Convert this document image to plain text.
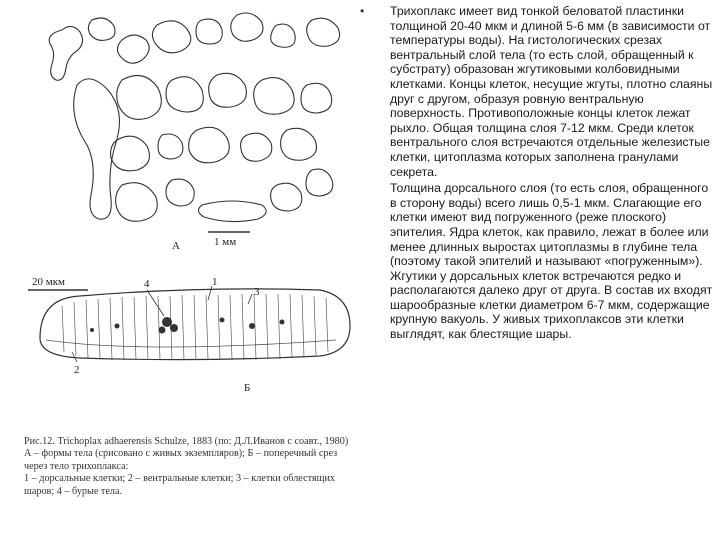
А	1 мм
20 мкм	4	1
3
2
Б

Рис.12. Trichoplax adhaerensis Schulze, 1883 (по: Д.Л.Иванов с соавт., 1980)

А – формы тела (срисовано с живых экземпляров); Б – поперечный срез через тело трихоплакса:

1 – дорсальные клетки; 2 – вентральные клетки; 3 – клетки облестящих шаров; 4 – бурые тела.

• Трихоплакс имеет вид тонкой беловатой пластинки толщиной 20-40 мкм и длиной 5-6 мм (в зависимости от температуры воды). На гистологических срезах вентральный слой тела (то есть слой, обращенный к субстрату) образован жгутиковыми колбовидными клетками. Концы клеток, несущие жгуты, плотно слаяны друг с другом, образуя ровную вентральную поверхность. Противоположные концы клеток лежат рыхло. Общая толщина слоя 7-12 мкм. Среди клеток вентрального слоя встречаются отдельные железистые клетки, цитоплазма которых заполнена гранулами секрета.

Толщина дорсального слоя (то есть слоя, обращенного в сторону воды) всего лишь 0,5-1 мкм. Слагающие его клетки имеют вид погруженного (реже плоского) эпителия. Ядра клеток, как правило, лежат в более или менее длинных выростах цитоплазмы в глубине тела (поэтому такой эпителий и называют «погруженным»). Жгутики у дорсальных клеток встречаются редко и располагаются далеко друг от друга. В состав их входят шарообразные клетки диаметром 6-7 мкм, содержащие крупную вакуоль. У живых трихоплаксов эти клетки выглядят, как блестящие шары.
